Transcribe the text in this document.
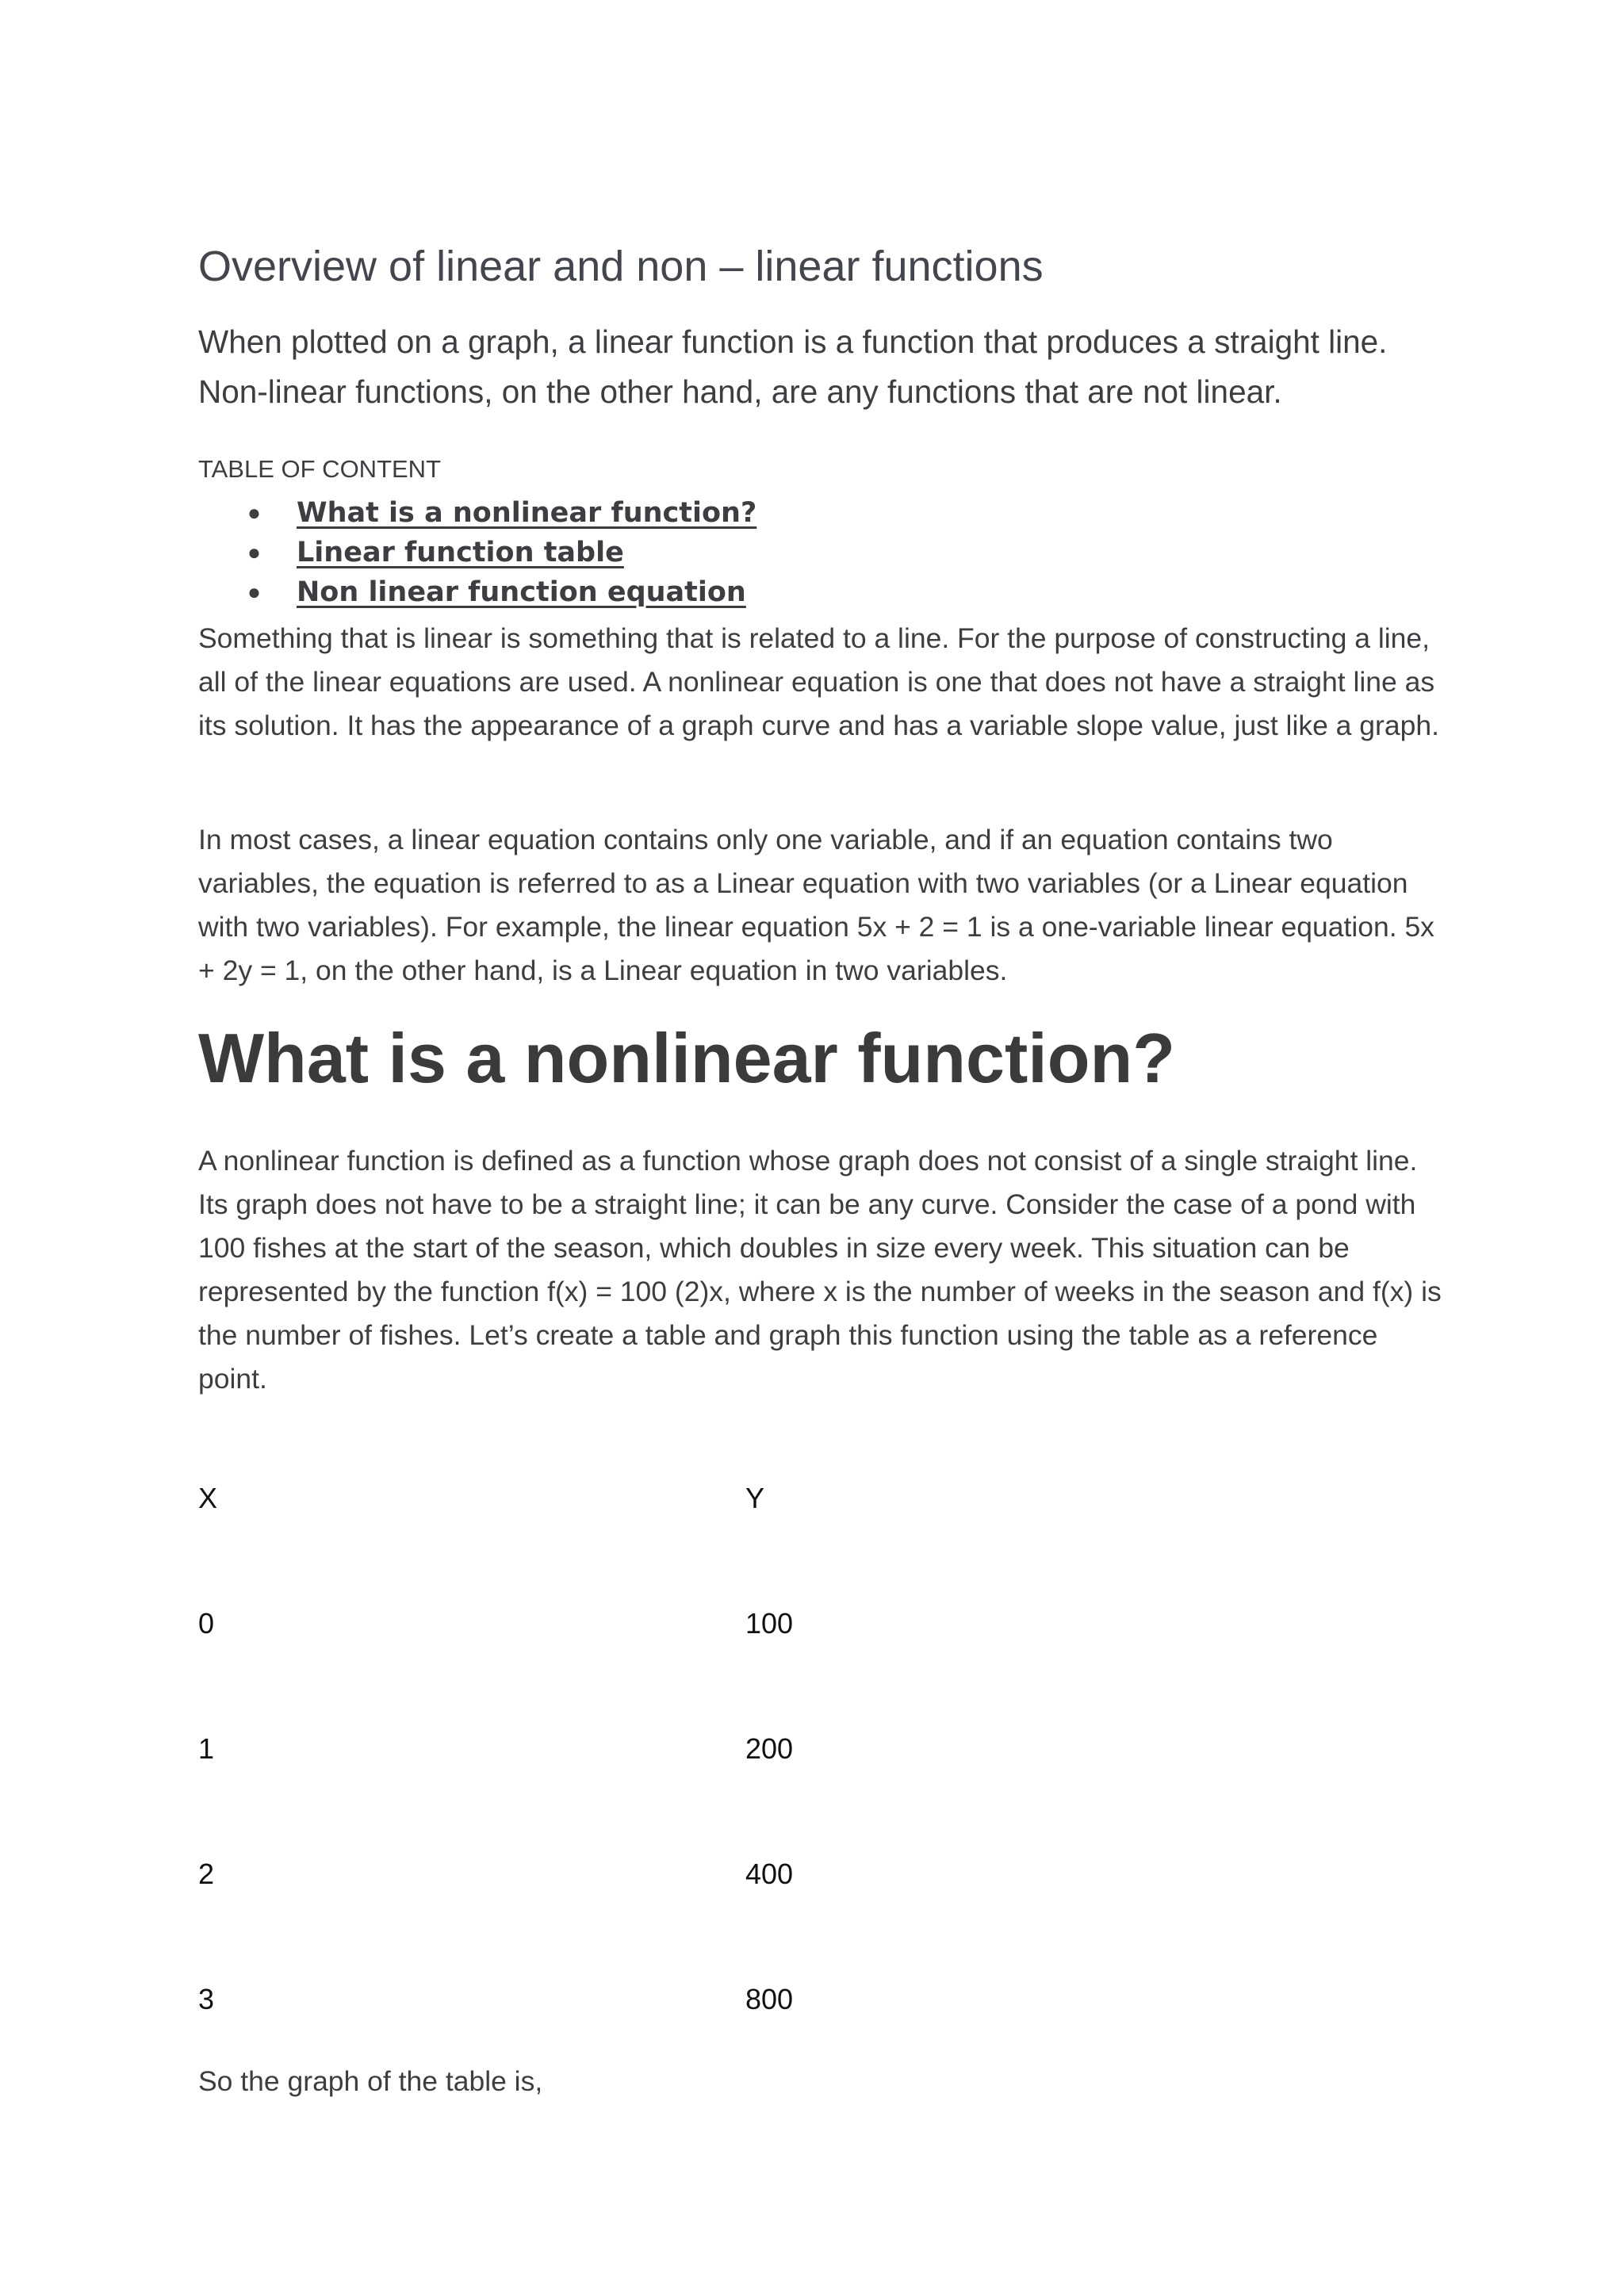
Overview of linear and non – linear functions

When plotted on a graph, a linear function is a function that produces a straight line. Non-linear functions, on the other hand, are any functions that are not linear.

TABLE OF CONTENT
● What is a nonlinear function?
● Linear function table
● Non linear function equation

Something that is linear is something that is related to a line. For the purpose of constructing a line, all of the linear equations are used. A nonlinear equation is one that does not have a straight line as its solution. It has the appearance of a graph curve and has a variable slope value, just like a graph.

In most cases, a linear equation contains only one variable, and if an equation contains two variables, the equation is referred to as a Linear equation with two variables (or a Linear equation with two variables). For example, the linear equation 5x + 2 = 1 is a one-variable linear equation. 5x + 2y = 1, on the other hand, is a Linear equation in two variables.

What is a nonlinear function?

A nonlinear function is defined as a function whose graph does not consist of a single straight line. Its graph does not have to be a straight line; it can be any curve. Consider the case of a pond with 100 fishes at the start of the season, which doubles in size every week. This situation can be represented by the function f(x) = 100 (2)x, where x is the number of weeks in the season and f(x) is the number of fishes. Let’s create a table and graph this function using the table as a reference point.

X	Y
0	100
1	200
2	400
3	800

So the graph of the table is,
